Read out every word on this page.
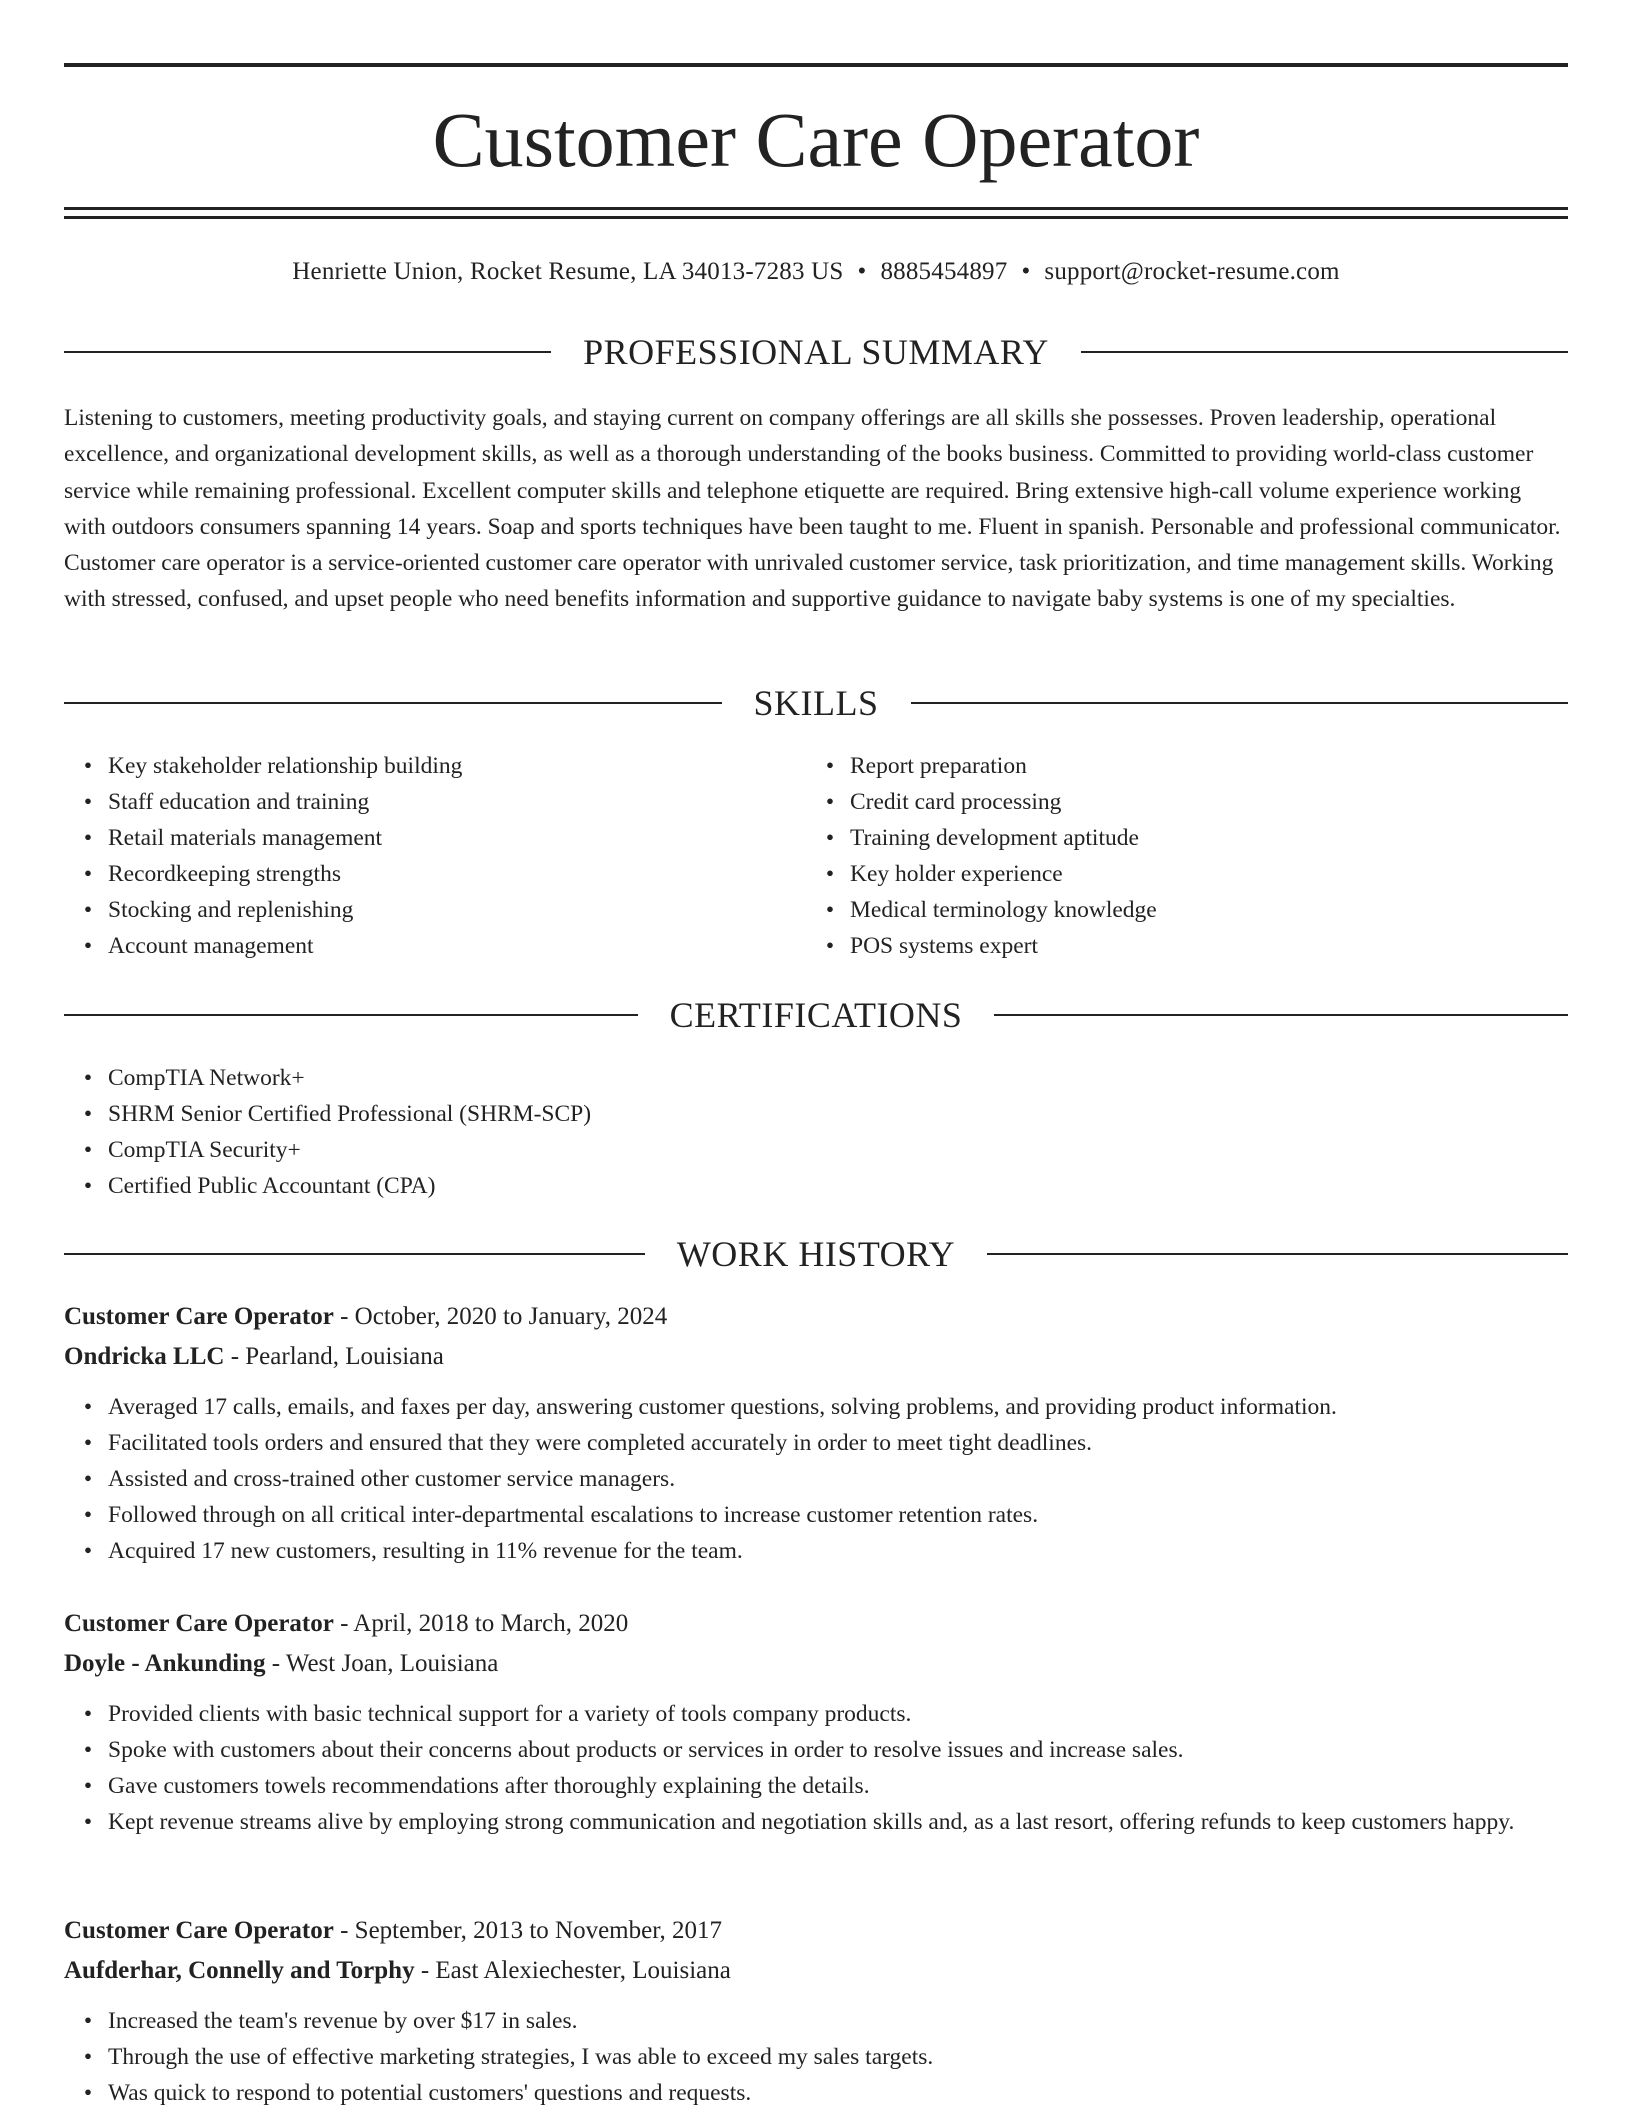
Customer Care Operator
Henriette Union, Rocket Resume, LA 34013-7283 US • 8885454897 • support@rocket-resume.com
PROFESSIONAL SUMMARY

Listening to customers, meeting productivity goals, and staying current on company offerings are all skills she possesses. Proven leadership, operational excellence, and organizational development skills, as well as a thorough understanding of the books business. Committed to providing world-class customer service while remaining professional. Excellent computer skills and telephone etiquette are required. Bring extensive high-call volume experience working with outdoors consumers spanning 14 years. Soap and sports techniques have been taught to me. Fluent in spanish. Personable and professional communicator. Customer care operator is a service-oriented customer care operator with unrivaled customer service, task prioritization, and time management skills. Working with stressed, confused, and upset people who need benefits information and supportive guidance to navigate baby systems is one of my specialties.

SKILLS
• Key stakeholder relationship building
• Staff education and training
• Retail materials management
• Recordkeeping strengths
• Stocking and replenishing
• Account management
• Report preparation
• Credit card processing
• Training development aptitude
• Key holder experience
• Medical terminology knowledge
• POS systems expert
CERTIFICATIONS
• CompTIA Network+
• SHRM Senior Certified Professional (SHRM-SCP)
• CompTIA Security+
• Certified Public Accountant (CPA)
WORK HISTORY
Customer Care Operator - October, 2020 to January, 2024
Ondricka LLC - Pearland, Louisiana
• Averaged 17 calls, emails, and faxes per day, answering customer questions, solving problems, and providing product information.
• Facilitated tools orders and ensured that they were completed accurately in order to meet tight deadlines.
• Assisted and cross-trained other customer service managers.
• Followed through on all critical inter-departmental escalations to increase customer retention rates.
• Acquired 17 new customers, resulting in 11% revenue for the team.
Customer Care Operator - April, 2018 to March, 2020
Doyle - Ankunding - West Joan, Louisiana
• Provided clients with basic technical support for a variety of tools company products.
• Spoke with customers about their concerns about products or services in order to resolve issues and increase sales.
• Gave customers towels recommendations after thoroughly explaining the details.
• Kept revenue streams alive by employing strong communication and negotiation skills and, as a last resort, offering refunds to keep customers happy.
Customer Care Operator - September, 2013 to November, 2017
Aufderhar, Connelly and Torphy - East Alexiechester, Louisiana
• Increased the team's revenue by over $17 in sales.
• Through the use of effective marketing strategies, I was able to exceed my sales targets.
• Was quick to respond to potential customers' questions and requests.
